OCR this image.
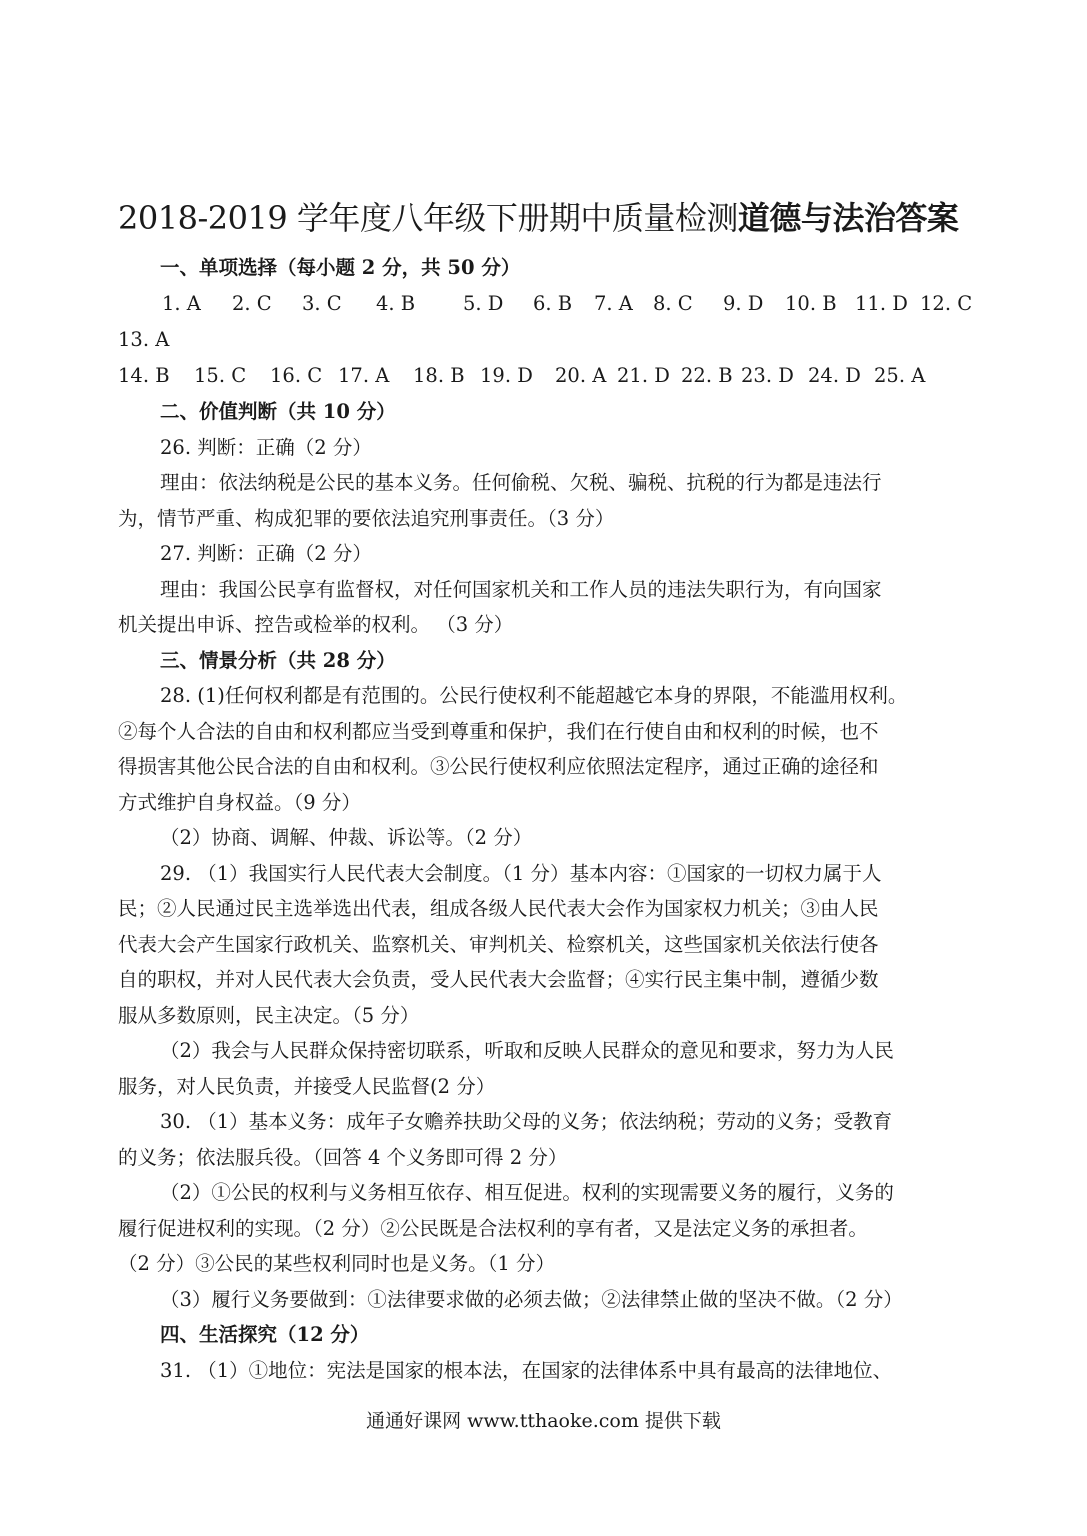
2018-2019 学年度八年级下册期中质量检测道德与法治答案
一、单项选择（每小题 2 分，共 50 分）
1. A 2. C 3. C 4. B 5. D 6. B 7. A 8. C 9. D 10. B 11. D 12. C
13. A
14. B 15. C 16. C 17. A 18. B 19. D 20. A 21. D 22. B 23. D 24. D 25. A
二、价值判断（共 10 分）
26. 判断：正确（2 分）
理由：依法纳税是公民的基本义务。任何偷税、欠税、骗税、抗税的行为都是违法行
为，情节严重、构成犯罪的要依法追究刑事责任。（3 分）
27. 判断：正确（2 分）
理由：我国公民享有监督权，对任何国家机关和工作人员的违法失职行为，有向国家
机关提出申诉、控告或检举的权利。 （3 分）
三、情景分析（共 28 分）
28. (1)任何权利都是有范围的。公民行使权利不能超越它本身的界限，不能滥用权利。
②每个人合法的自由和权利都应当受到尊重和保护，我们在行使自由和权利的时候，也不
得损害其他公民合法的自由和权利。③公民行使权利应依照法定程序，通过正确的途径和
方式维护自身权益。（9 分）
（2）协商、调解、仲裁、诉讼等。（2 分）
29. （1）我国实行人民代表大会制度。（1 分）基本内容：①国家的一切权力属于人
民；②人民通过民主选举选出代表，组成各级人民代表大会作为国家权力机关；③由人民
代表大会产生国家行政机关、监察机关、审判机关、检察机关，这些国家机关依法行使各
自的职权，并对人民代表大会负责，受人民代表大会监督；④实行民主集中制，遵循少数
服从多数原则，民主决定。（5 分）
（2）我会与人民群众保持密切联系，听取和反映人民群众的意见和要求，努力为人民
服务，对人民负责，并接受人民监督(2 分）
30. （1）基本义务：成年子女赡养扶助父母的义务；依法纳税；劳动的义务；受教育
的义务；依法服兵役。（回答 4 个义务即可得 2 分）
（2）①公民的权利与义务相互依存、相互促进。权利的实现需要义务的履行，义务的
履行促进权利的实现。（2 分）②公民既是合法权利的享有者，又是法定义务的承担者。
（2 分）③公民的某些权利同时也是义务。（1 分）
（3）履行义务要做到：①法律要求做的必须去做；②法律禁止做的坚决不做。（2 分）
四、生活探究（12 分）
31. （1）①地位：宪法是国家的根本法，在国家的法律体系中具有最高的法律地位、
通通好课网 www.tthaoke.com 提供下载
